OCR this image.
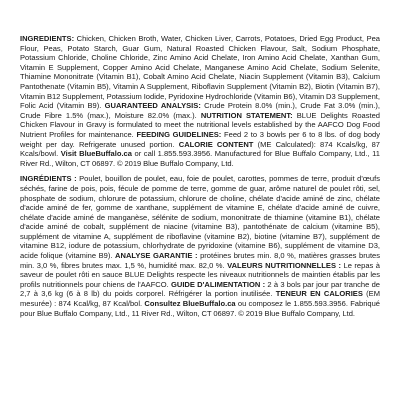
INGREDIENTS: Chicken, Chicken Broth, Water, Chicken Liver, Carrots, Potatoes, Dried Egg Product, Pea Flour, Peas, Potato Starch, Guar Gum, Natural Roasted Chicken Flavour, Salt, Sodium Phosphate, Potassium Chloride, Choline Chloride, Zinc Amino Acid Chelate, Iron Amino Acid Chelate, Xanthan Gum, Vitamin E Supplement, Copper Amino Acid Chelate, Manganese Amino Acid Chelate, Sodium Selenite, Thiamine Mononitrate (Vitamin B1), Cobalt Amino Acid Chelate, Niacin Supplement (Vitamin B3), Calcium Pantothenate (Vitamin B5), Vitamin A Supplement, Riboflavin Supplement (Vitamin B2), Biotin (Vitamin B7), Vitamin B12 Supplement, Potassium Iodide, Pyridoxine Hydrochloride (Vitamin B6), Vitamin D3 Supplement, Folic Acid (Vitamin B9). GUARANTEED ANALYSIS: Crude Protein 8.0% (min.), Crude Fat 3.0% (min.), Crude Fibre 1.5% (max.), Moisture 82.0% (max.). NUTRITION STATEMENT: BLUE Delights Roasted Chicken Flavour in Gravy is formulated to meet the nutritional levels established by the AAFCO Dog Food Nutrient Profiles for maintenance. FEEDING GUIDELINES: Feed 2 to 3 bowls per 6 to 8 lbs. of dog body weight per day. Refrigerate unused portion. CALORIE CONTENT (ME Calculated): 874 Kcals/kg, 87 Kcals/bowl. Visit BlueBuffalo.ca or call 1.855.593.3956. Manufactured for Blue Buffalo Company, Ltd., 11 River Rd., Wilton, CT 06897. © 2019 Blue Buffalo Company, Ltd.

INGRÉDIENTS : Poulet, bouillon de poulet, eau, foie de poulet, carottes, pommes de terre, produit d'œufs séchés, farine de pois, pois, fécule de pomme de terre, gomme de guar, arôme naturel de poulet rôti, sel, phosphate de sodium, chlorure de potassium, chlorure de choline, chélate d'acide aminé de zinc, chélate d'acide aminé de fer, gomme de xanthane, supplément de vitamine E, chélate d'acide aminé de cuivre, chélate d'acide aminé de manganèse, sélénite de sodium, mononitrate de thiamine (vitamine B1), chélate d'acide aminé de cobalt, supplément de niacine (vitamine B3), pantothénate de calcium (vitamine B5), supplément de vitamine A, supplément de riboflavine (vitamine B2), biotine (vitamine B7), supplément de vitamine B12, iodure de potassium, chlorhydrate de pyridoxine (vitamine B6), supplément de vitamine D3, acide folique (vitamine B9). ANALYSE GARANTIE : protéines brutes min. 8,0 %, matières grasses brutes min. 3,0 %, fibres brutes max. 1,5 %, humidité max. 82,0 %. VALEURS NUTRITIONNELLES : Le repas à saveur de poulet rôti en sauce BLUE Delights respecte les niveaux nutritionnels de maintien établis par les profils nutritionnels pour chiens de l'AAFCO. GUIDE D'ALIMENTATION : 2 à 3 bols par jour par tranche de 2,7 à 3,6 kg (6 à 8 lb) du poids corporel. Réfrigérer la portion inutilisée. TENEUR EN CALORIES (EM mesurée) : 874 Kcal/kg, 87 Kcal/bol. Consultez BlueBuffalo.ca ou composez le 1.855.593.3956. Fabriqué pour Blue Buffalo Company, Ltd., 11 River Rd., Wilton, CT 06897. © 2019 Blue Buffalo Company, Ltd.
